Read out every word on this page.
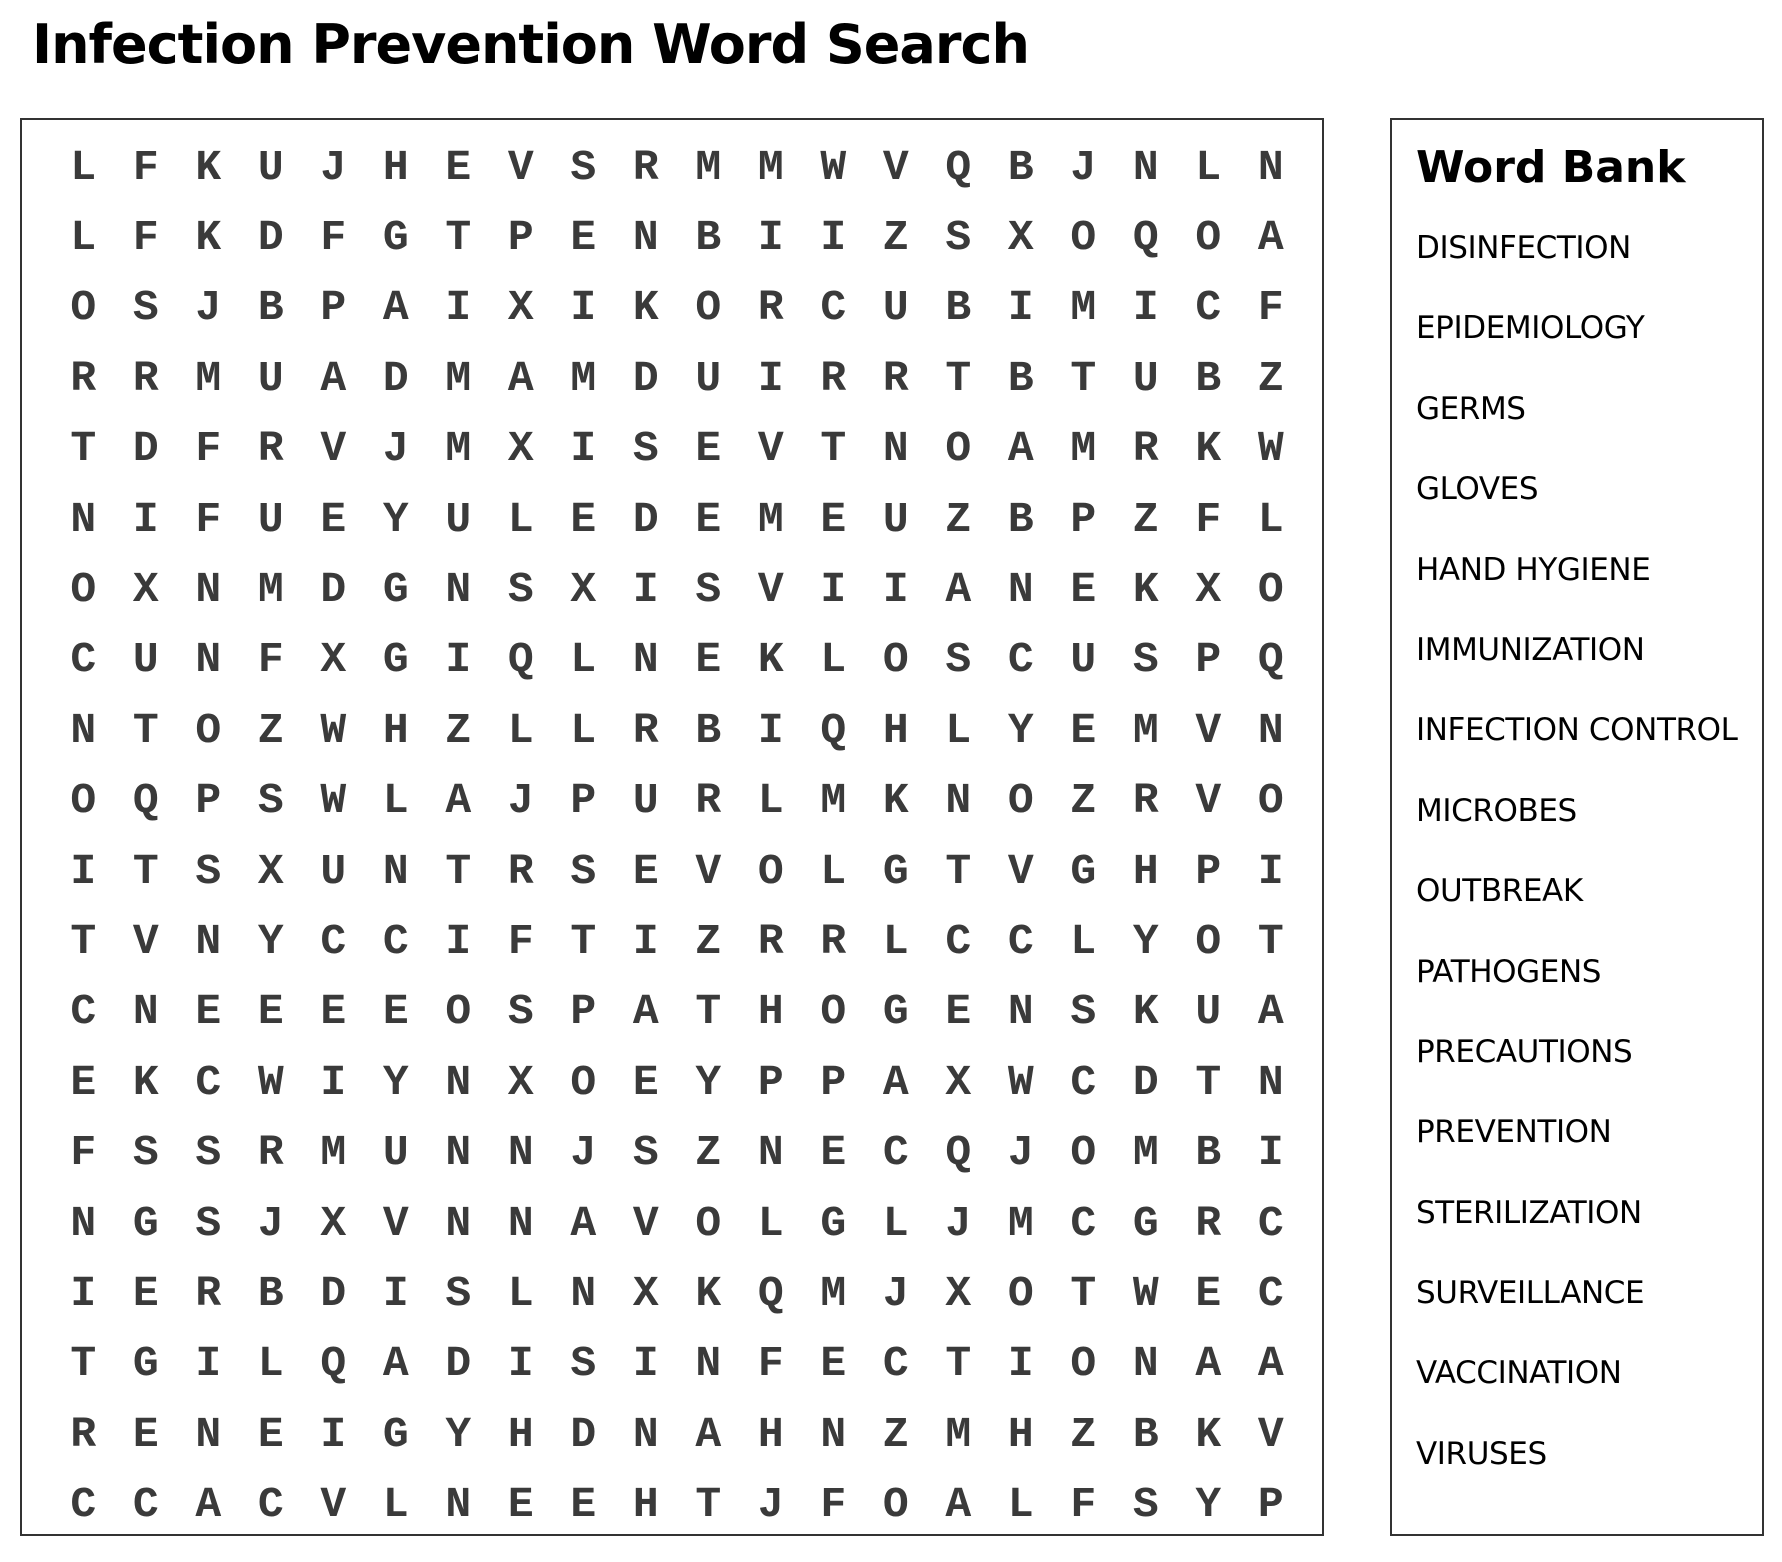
Infection Prevention Word Search
L F K U J H E V S R M M W V Q B J N L N
L F K D F G T P E N B I I Z S X O Q O A
O S J B P A I X I K O R C U B I M I C F
R R M U A D M A M D U I R R T B T U B Z
T D F R V J M X I S E V T N O A M R K W
N I F U E Y U L E D E M E U Z B P Z F L
O X N M D G N S X I S V I I A N E K X O
C U N F X G I Q L N E K L O S C U S P Q
N T O Z W H Z L L R B I Q H L Y E M V N
O Q P S W L A J P U R L M K N O Z R V O
I T S X U N T R S E V O L G T V G H P I
T V N Y C C I F T I Z R R L C C L Y O T
C N E E E E O S P A T H O G E N S K U A
E K C W I Y N X O E Y P P A X W C D T N
F S S R M U N N J S Z N E C Q J O M B I
N G S J X V N N A V O L G L J M C G R C
I E R B D I S L N X K Q M J X O T W E C
T G I L Q A D I S I N F E C T I O N A A
R E N E I G Y H D N A H N Z M H Z B K V
C C A C V L N E E H T J F O A L F S Y P
Word Bank
DISINFECTION
EPIDEMIOLOGY
GERMS
GLOVES
HAND HYGIENE
IMMUNIZATION
INFECTION CONTROL
MICROBES
OUTBREAK
PATHOGENS
PRECAUTIONS
PREVENTION
STERILIZATION
SURVEILLANCE
VACCINATION
VIRUSES
